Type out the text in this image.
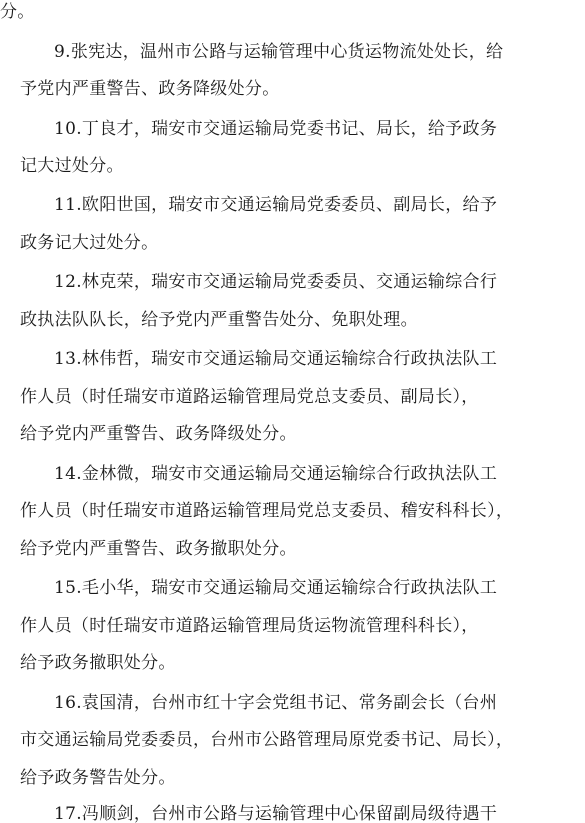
分。
9.张宪达，温州市公路与运输管理中心货运物流处处长，给
予党内严重警告、政务降级处分。
10.丁良才，瑞安市交通运输局党委书记、局长，给予政务
记大过处分。
11.欧阳世国，瑞安市交通运输局党委委员、副局长，给予
政务记大过处分。
12.林克荣，瑞安市交通运输局党委委员、交通运输综合行
政执法队队长，给予党内严重警告处分、免职处理。
13.林伟哲，瑞安市交通运输局交通运输综合行政执法队工
作人员（时任瑞安市道路运输管理局党总支委员、副局长），
给予党内严重警告、政务降级处分。
14.金林微，瑞安市交通运输局交通运输综合行政执法队工
作人员（时任瑞安市道路运输管理局党总支委员、稽安科科长），
给予党内严重警告、政务撤职处分。
15.毛小华，瑞安市交通运输局交通运输综合行政执法队工
作人员（时任瑞安市道路运输管理局货运物流管理科科长），
给予政务撤职处分。
16.袁国清，台州市红十字会党组书记、常务副会长（台州
市交通运输局党委委员，台州市公路管理局原党委书记、局长），
给予政务警告处分。
17.冯顺剑，台州市公路与运输管理中心保留副局级待遇干
